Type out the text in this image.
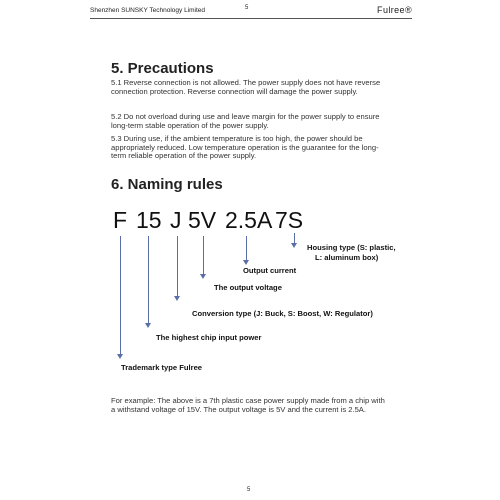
Shenzhen SUNSKY Technology Limited	5	Fulree®
5. Precautions

5.1 Reverse connection is not allowed. The power supply does not have reverse connection protection. Reverse connection will damage the power supply.

5.2 Do not overload during use and leave margin for the power supply to ensure long-term stable operation of the power supply.

5.3 During use, if the ambient temperature is too high, the power should be appropriately reduced. Low temperature operation is the guarantee for the long-term reliable operation of the power supply.

6. Naming rules
F 15 J 5V 2.5A 7S
Housing type (S: plastic,
L: aluminum box)
Output current
The output voltage
Conversion type (J: Buck, S: Boost, W: Regulator)
The highest chip input power
Trademark type Fulree

For example: The above is a 7th plastic case power supply made from a chip with a withstand voltage of 15V. The output voltage is 5V and the current is 2.5A.

5
